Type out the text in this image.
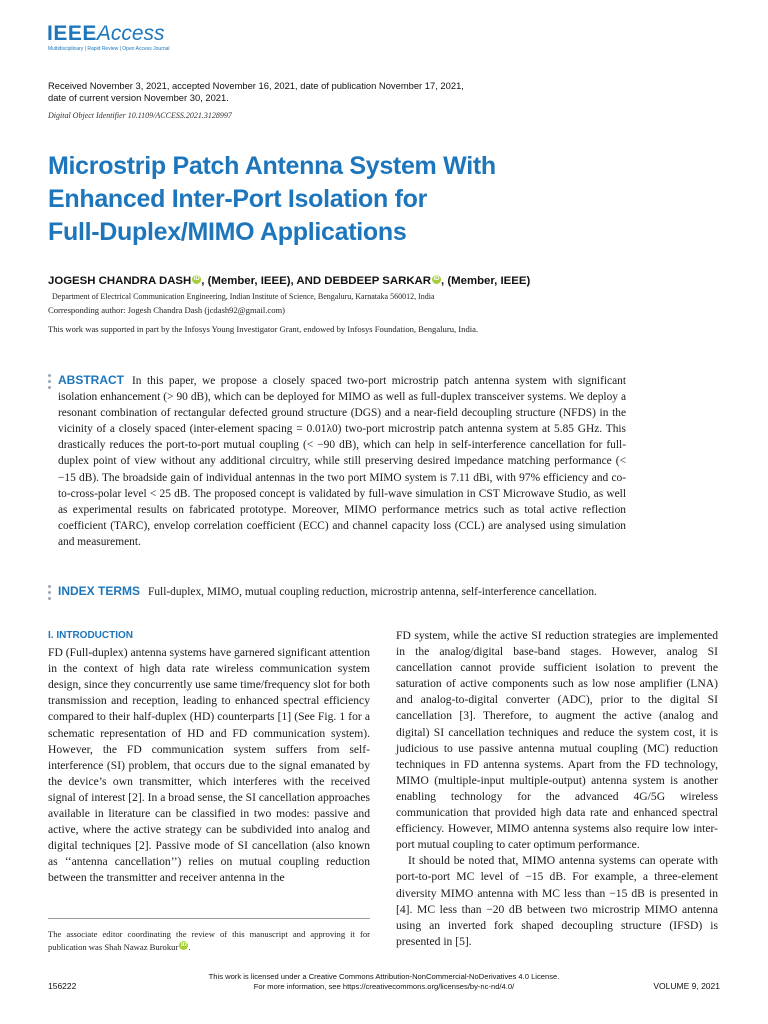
IEEEAccess
Multidisciplinary | Rapid Review | Open Access Journal
Received November 3, 2021, accepted November 16, 2021, date of publication November 17, 2021,
date of current version November 30, 2021.
Digital Object Identifier 10.1109/ACCESS.2021.3128997
Microstrip Patch Antenna System With
Enhanced Inter-Port Isolation for
Full-Duplex/MIMO Applications
JOGESH CHANDRA DASH iD , (Member, IEEE), AND DEBDEEP SARKAR iD , (Member, IEEE)
Department of Electrical Communication Engineering, Indian Institute of Science, Bengaluru, Karnataka 560012, India
Corresponding author: Jogesh Chandra Dash (jcdash92@gmail.com)
This work was supported in part by the Infosys Young Investigator Grant, endowed by Infosys Foundation, Bengaluru, India.
ABSTRACT In this paper, we propose a closely spaced two-port microstrip patch antenna system with significant isolation enhancement (> 90 dB), which can be deployed for MIMO as well as full-duplex transceiver systems. We deploy a resonant combination of rectangular defected ground structure (DGS) and a near-field decoupling structure (NFDS) in the vicinity of a closely spaced (inter-element spacing = 0.01λ0) two-port microstrip patch antenna system at 5.85 GHz. This drastically reduces the port-to-port mutual coupling (< −90 dB), which can help in self-interference cancellation for full-duplex point of view without any additional circuitry, while still preserving desired impedance matching performance (< −15 dB). The broadside gain of individual antennas in the two port MIMO system is 7.11 dBi, with 97% efficiency and co-to-cross-polar level < 25 dB. The proposed concept is validated by full-wave simulation in CST Microwave Studio, as well as experimental results on fabricated prototype. Moreover, MIMO performance metrics such as total active reflection coefficient (TARC), envelop correlation coefficient (ECC) and channel capacity loss (CCL) are analysed using simulation and measurement.
INDEX TERMS Full-duplex, MIMO, mutual coupling reduction, microstrip antenna, self-interference cancellation.
I. INTRODUCTION

FD (Full-duplex) antenna systems have garnered significant attention in the context of high data rate wireless communication system design, since they concurrently use same time/frequency slot for both transmission and reception, leading to enhanced spectral efficiency compared to their half-duplex (HD) counterparts [1] (See Fig. 1 for a schematic representation of HD and FD communication system). However, the FD communication system suffers from self-interference (SI) problem, that occurs due to the signal emanated by the device’s own transmitter, which interferes with the received signal of interest [2]. In a broad sense, the SI cancellation approaches available in literature can be classified in two modes: passive and active, where the active strategy can be subdivided into analog and digital techniques [2]. Passive mode of SI cancellation (also known as ‘‘antenna cancellation’’) relies on mutual coupling reduction between the transmitter and receiver antenna in the

The associate editor coordinating the review of this manuscript and approving it for publication was Shah Nawaz Burokur iD .

FD system, while the active SI reduction strategies are implemented in the analog/digital base-band stages. However, analog SI cancellation cannot provide sufficient isolation to prevent the saturation of active components such as low nose amplifier (LNA) and analog-to-digital converter (ADC), prior to the digital SI cancellation [3]. Therefore, to augment the active (analog and digital) SI cancellation techniques and reduce the system cost, it is judicious to use passive antenna mutual coupling (MC) reduction techniques in FD antenna systems. Apart from the FD technology, MIMO (multiple-input multiple-output) antenna system is another enabling technology for the advanced 4G/5G wireless communication that provided high data rate and enhanced spectral efficiency. However, MIMO antenna systems also require low inter-port mutual coupling to cater optimum performance.

It should be noted that, MIMO antenna systems can operate with port-to-port MC level of −15 dB. For example, a three-element diversity MIMO antenna with MC less than −15 dB is presented in [4]. MC less than −20 dB between two microstrip MIMO antenna using an inverted fork shaped decoupling structure (IFSD) is presented in [5].

This work is licensed under a Creative Commons Attribution-NonCommercial-NoDerivatives 4.0 License.
For more information, see https://creativecommons.org/licenses/by-nc-nd/4.0/
156222	VOLUME 9, 2021
